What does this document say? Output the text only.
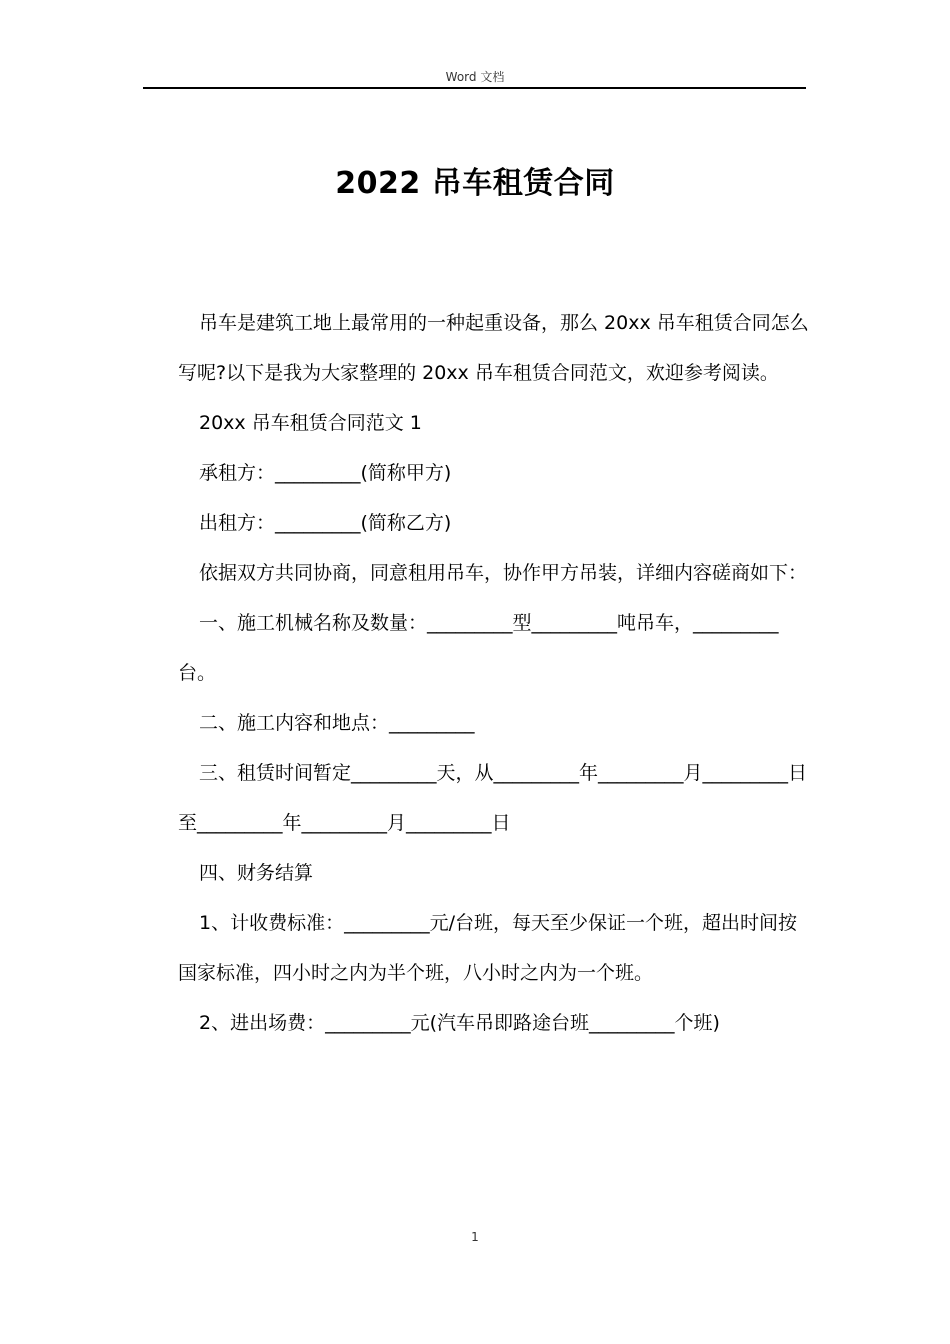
Word 文档
2022 吊车租赁合同

吊车是建筑工地上最常用的一种起重设备，那么 20xx 吊车租赁合同怎么写呢?以下是我为大家整理的 20xx 吊车租赁合同范文，欢迎参考阅读。

20xx 吊车租赁合同范文 1

承租方：_________(简称甲方)

出租方：_________(简称乙方)

依据双方共同协商，同意租用吊车，协作甲方吊装，详细内容磋商如下：

一、施工机械名称及数量：_________型_________吨吊车，_________台。

二、施工内容和地点：_________

三、租赁时间暂定_________天，从_________年_________月_________日至_________年_________月_________日

四、财务结算

1、计收费标准：_________元/台班，每天至少保证一个班，超出时间按国家标准，四小时之内为半个班，八小时之内为一个班。

2、进出场费：_________元(汽车吊即路途台班_________个班)

1
